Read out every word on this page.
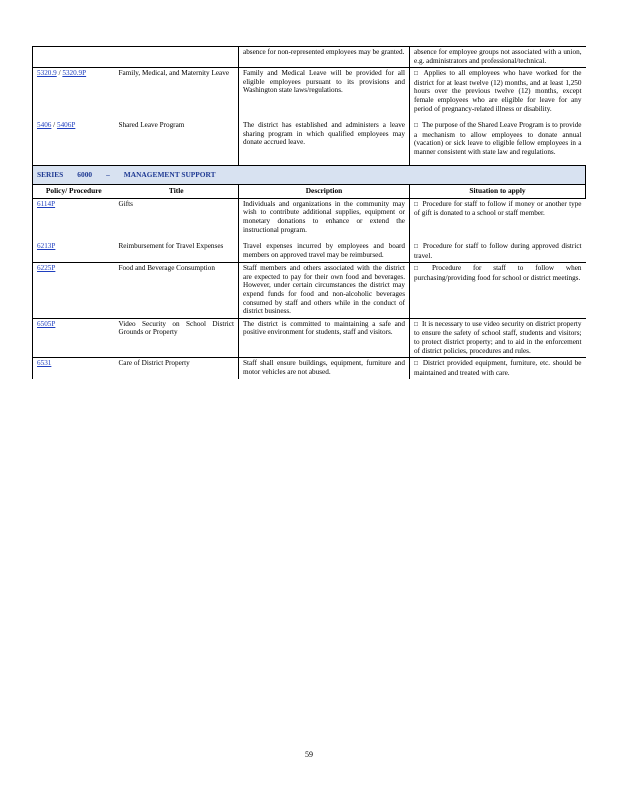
		absence for non-represented employees may be granted.	absence for employee groups not associated with a union, e.g. administrators and professional/technical.
5320.9 / 5320.9P	Family, Medical, and Maternity Leave	Family and Medical Leave will be provided for all eligible employees pursuant to its provisions and Washington state laws/regulations.	□ Applies to all employees who have worked for the district for at least twelve (12) months, and at least 1,250 hours over the previous twelve (12) months, except female employees who are eligible for leave for any period of pregnancy-related illness or disability.
5406 / 5406P	Shared Leave Program	The district has established and administers a leave sharing program in which qualified employees may donate accrued leave.	□ The purpose of the Shared Leave Program is to provide a mechanism to allow employees to donate annual (vacation) or sick leave to eligible fellow employees in a manner consistent with state law and regulations.
SERIES 6000 – MANAGEMENT SUPPORT			
Policy/ Procedure	Title	Description	Situation to apply
6114P	Gifts	Individuals and organizations in the community may wish to contribute additional supplies, equipment or monetary donations to enhance or extend the instructional program.	□ Procedure for staff to follow if money or another type of gift is donated to a school or staff member.
6213P	Reimbursement for Travel Expenses	Travel expenses incurred by employees and board members on approved travel may be reimbursed.	□ Procedure for staff to follow during approved district travel.
6225P	Food and Beverage Consumption	Staff members and others associated with the district are expected to pay for their own food and beverages. However, under certain circumstances the district may expend funds for food and non-alcoholic beverages consumed by staff and others while in the conduct of district business.	□ Procedure for staff to follow when purchasing/providing food for school or district meetings.
6505P	Video Security on School District Grounds or Property	The district is committed to maintaining a safe and positive environment for students, staff and visitors.	□ It is necessary to use video security on district property to ensure the safety of school staff, students and visitors; to protect district property; and to aid in the enforcement of district policies, procedures and rules.
6531	Care of District Property	Staff shall ensure buildings, equipment, furniture and motor vehicles are not abused.	□ District provided equipment, furniture, etc. should be maintained and treated with care.
59
